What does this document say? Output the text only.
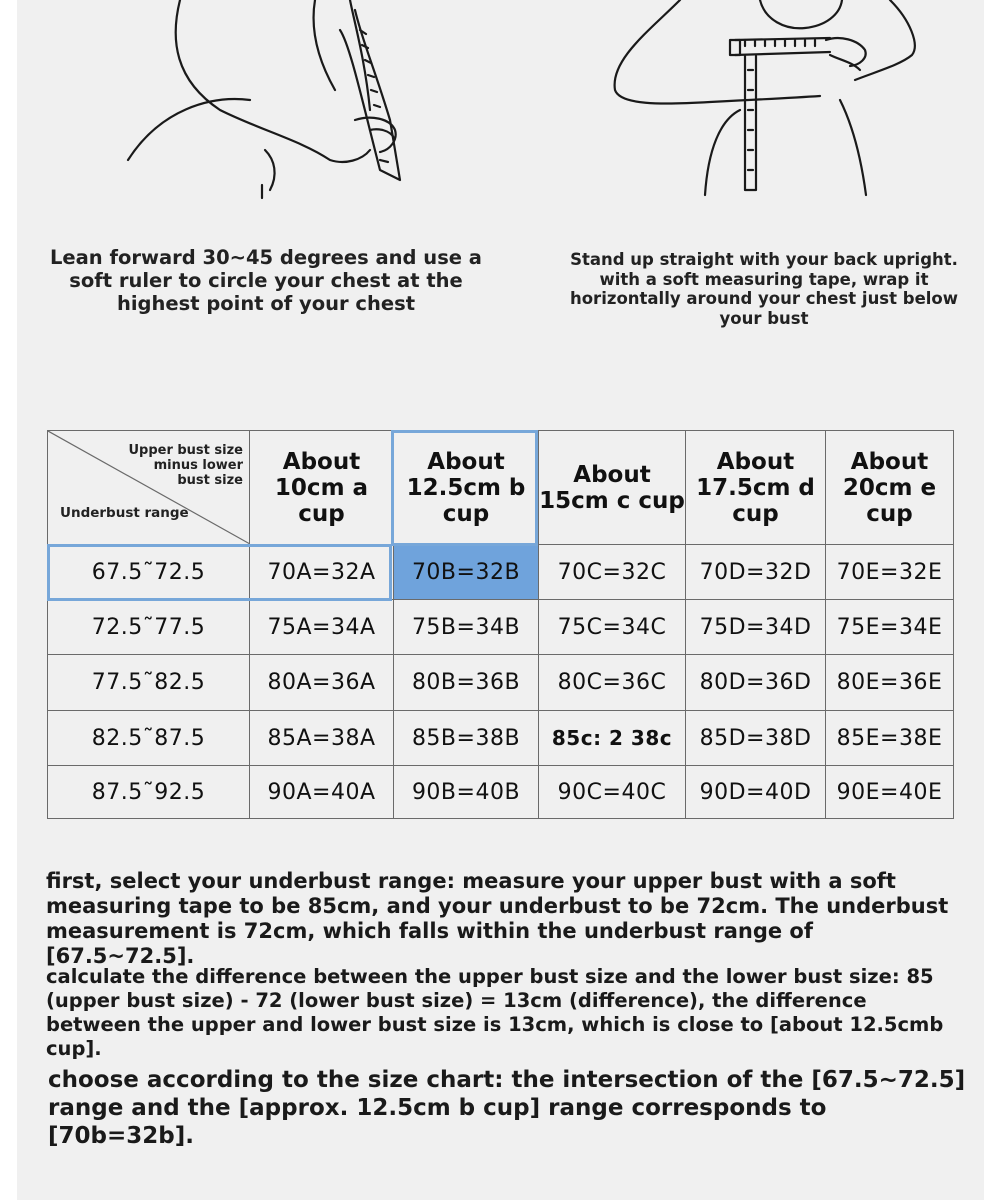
Lean forward 30~45 degrees and use a soft ruler to circle your chest at the highest point of your chest
Stand up straight with your back upright. with a soft measuring tape, wrap it horizontally around your chest just below your bust
Upper bust size minus lower bust size
Underbust range	About 10cm a cup	About 12.5cm b cup	About 15cm c cup	About 17.5cm d cup	About 20cm e cup
67.5˜72.5	70A=32A	70B=32B	70C=32C	70D=32D	70E=32E
72.5˜77.5	75A=34A	75B=34B	75C=34C	75D=34D	75E=34E
77.5˜82.5	80A=36A	80B=36B	80C=36C	80D=36D	80E=36E
82.5˜87.5	85A=38A	85B=38B	85c: 2 38c	85D=38D	85E=38E
87.5˜92.5	90A=40A	90B=40B	90C=40C	90D=40D	90E=40E
first, select your underbust range: measure your upper bust with a soft measuring tape to be 85cm, and your underbust to be 72cm. The underbust measurement is 72cm, which falls within the underbust range of [67.5~72.5].
calculate the difference between the upper bust size and the lower bust size: 85 (upper bust size) - 72 (lower bust size) = 13cm (difference), the difference between the upper and lower bust size is 13cm, which is close to [about 12.5cmb cup].
choose according to the size chart: the intersection of the [67.5~72.5] range and the [approx. 12.5cm b cup] range corresponds to [70b=32b].
